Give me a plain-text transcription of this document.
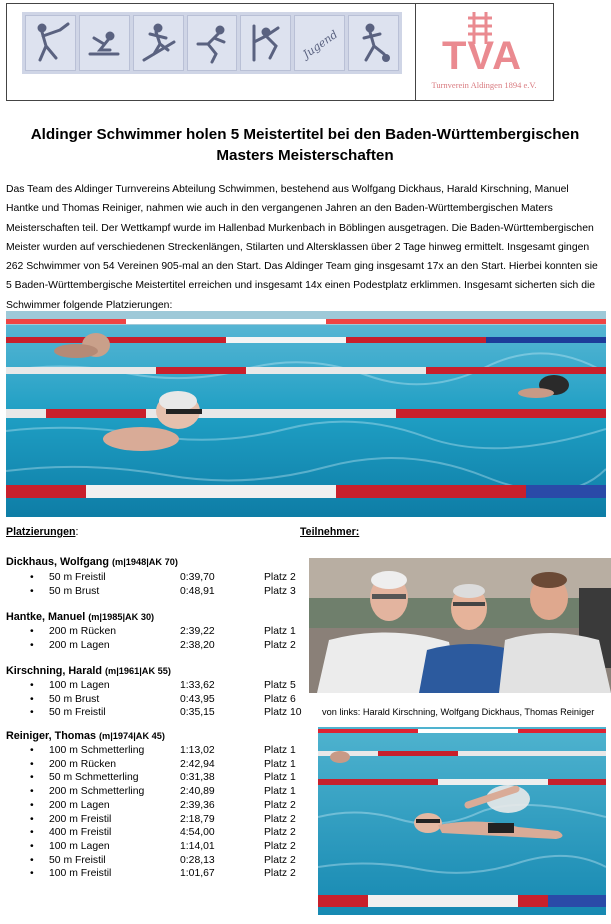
Jugend	TVA
Turnverein Aldingen 1894 e.V.
Aldinger Schwimmer holen 5 Meistertitel bei den Baden-Württembergischen Masters Meisterschaften
Das Team des Aldinger Turnvereins Abteilung Schwimmen, bestehend aus Wolfgang Dickhaus, Harald Kirschning, Manuel Hantke und Thomas Reiniger, nahmen wie auch in den vergangenen Jahren an den Baden-Württembergischen Maters Meisterschaften teil. Der Wettkampf wurde im Hallenbad Murkenbach in Böblingen ausgetragen. Die Baden-Württembergischen Meister wurden auf verschiedenen Streckenlängen, Stilarten und Altersklassen über 2 Tage hinweg ermittelt. Insgesamt gingen 262 Schwimmer von 54 Vereinen 905-mal an den Start. Das Aldinger Team ging insgesamt 17x an den Start. Hierbei konnten sie 5 Baden-Württembergische Meistertitel erreichen und insgesamt 14x einen Podestplatz erklimmen. Insgesamt sicherten sich die Schwimmer folgende Platzierungen:
Platzierungen:	Teilnehmer:
Dickhaus, Wolfgang (m|1948|AK 70)
• 50 m Freistil	0:39,70	Platz 2
• 50 m Brust	0:48,91	Platz 3
Hantke, Manuel (m|1985|AK 30)
• 200 m Rücken	2:39,22	Platz 1
• 200 m Lagen	2:38,20	Platz 2
Kirschning, Harald (m|1961|AK 55)
• 100 m Lagen	1:33,62	Platz 5
• 50 m Brust	0:43,95	Platz 6
• 50 m Freistil	0:35,15	Platz 10
Reiniger, Thomas (m|1974|AK 45)
• 100 m Schmetterling	1:13,02	Platz 1
• 200 m Rücken	2:42,94	Platz 1
• 50 m Schmetterling	0:31,38	Platz 1
• 200 m Schmetterling	2:40,89	Platz 1
• 200 m Lagen	2:39,36	Platz 2
• 200 m Freistil	2:18,79	Platz 2
• 400 m Freistil	4:54,00	Platz 2
• 100 m Lagen	1:14,01	Platz 2
• 50 m Freistil	0:28,13	Platz 2
• 100 m Freistil	1:01,67	Platz 2
von links: Harald Kirschning, Wolfgang Dickhaus, Thomas Reiniger
